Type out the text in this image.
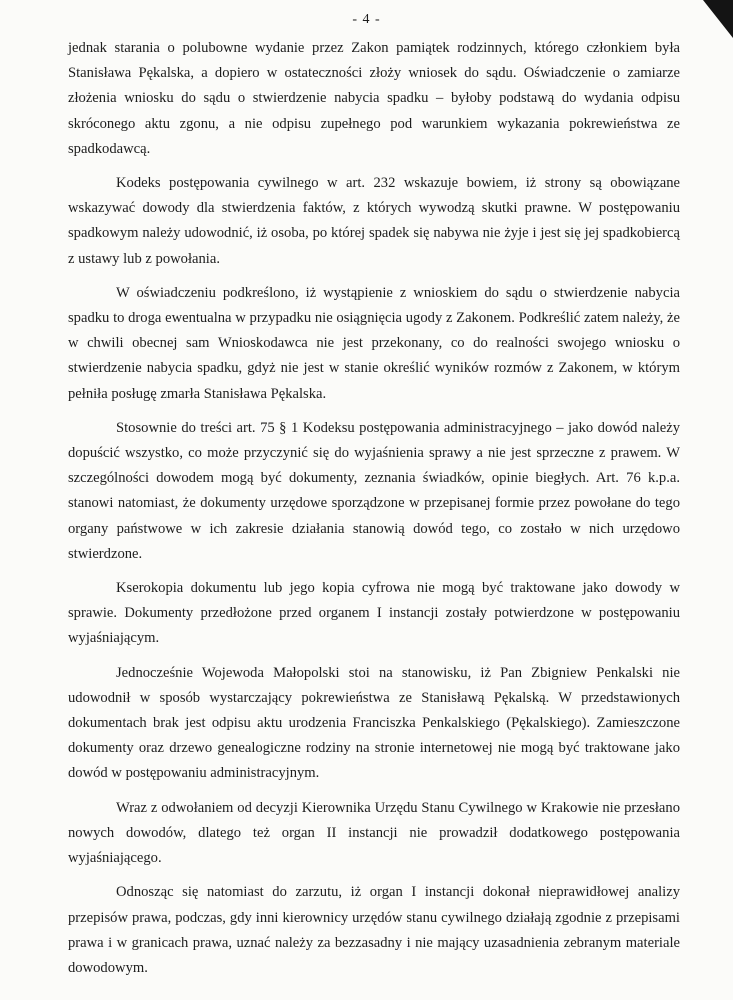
- 4 -

jednak starania o polubowne wydanie przez Zakon pamiątek rodzinnych, którego członkiem była Stanisława Pękalska, a dopiero w ostateczności złoży wniosek do sądu. Oświadczenie o zamiarze złożenia wniosku do sądu o stwierdzenie nabycia spadku – byłoby podstawą do wydania odpisu skróconego aktu zgonu, a nie odpisu zupełnego pod warunkiem wykazania pokrewieństwa ze spadkodawcą.

Kodeks postępowania cywilnego w art. 232 wskazuje bowiem, iż strony są obowiązane wskazywać dowody dla stwierdzenia faktów, z których wywodzą skutki prawne. W postępowaniu spadkowym należy udowodnić, iż osoba, po której spadek się nabywa nie żyje i jest się jej spadkobiercą z ustawy lub z powołania.

W oświadczeniu podkreślono, iż wystąpienie z wnioskiem do sądu o stwierdzenie nabycia spadku to droga ewentualna w przypadku nie osiągnięcia ugody z Zakonem. Podkreślić zatem należy, że w chwili obecnej sam Wnioskodawca nie jest przekonany, co do realności swojego wniosku o stwierdzenie nabycia spadku, gdyż nie jest w stanie określić wyników rozmów z Zakonem, w którym pełniła posługę zmarła Stanisława Pękalska.

Stosownie do treści art. 75 § 1 Kodeksu postępowania administracyjnego – jako dowód należy dopuścić wszystko, co może przyczynić się do wyjaśnienia sprawy a nie jest sprzeczne z prawem. W szczególności dowodem mogą być dokumenty, zeznania świadków, opinie biegłych. Art. 76 k.p.a. stanowi natomiast, że dokumenty urzędowe sporządzone w przepisanej formie przez powołane do tego organy państwowe w ich zakresie działania stanowią dowód tego, co zostało w nich urzędowo stwierdzone.

Kserokopia dokumentu lub jego kopia cyfrowa nie mogą być traktowane jako dowody w sprawie. Dokumenty przedłożone przed organem I instancji zostały potwierdzone w postępowaniu wyjaśniającym.

Jednocześnie Wojewoda Małopolski stoi na stanowisku, iż Pan Zbigniew Penkalski nie udowodnił w sposób wystarczający pokrewieństwa ze Stanisławą Pękalską. W przedstawionych dokumentach brak jest odpisu aktu urodzenia Franciszka Penkalskiego (Pękalskiego). Zamieszczone dokumenty oraz drzewo genealogiczne rodziny na stronie internetowej nie mogą być traktowane jako dowód w postępowaniu administracyjnym.

Wraz z odwołaniem od decyzji Kierownika Urzędu Stanu Cywilnego w Krakowie nie przesłano nowych dowodów, dlatego też organ II instancji nie prowadził dodatkowego postępowania wyjaśniającego.

Odnosząc się natomiast do zarzutu, iż organ I instancji dokonał nieprawidłowej analizy przepisów prawa, podczas, gdy inni kierownicy urzędów stanu cywilnego działają zgodnie z przepisami prawa i w granicach prawa, uznać należy za bezzasadny i nie mający uzasadnienia zebranym materiale dowodowym.
